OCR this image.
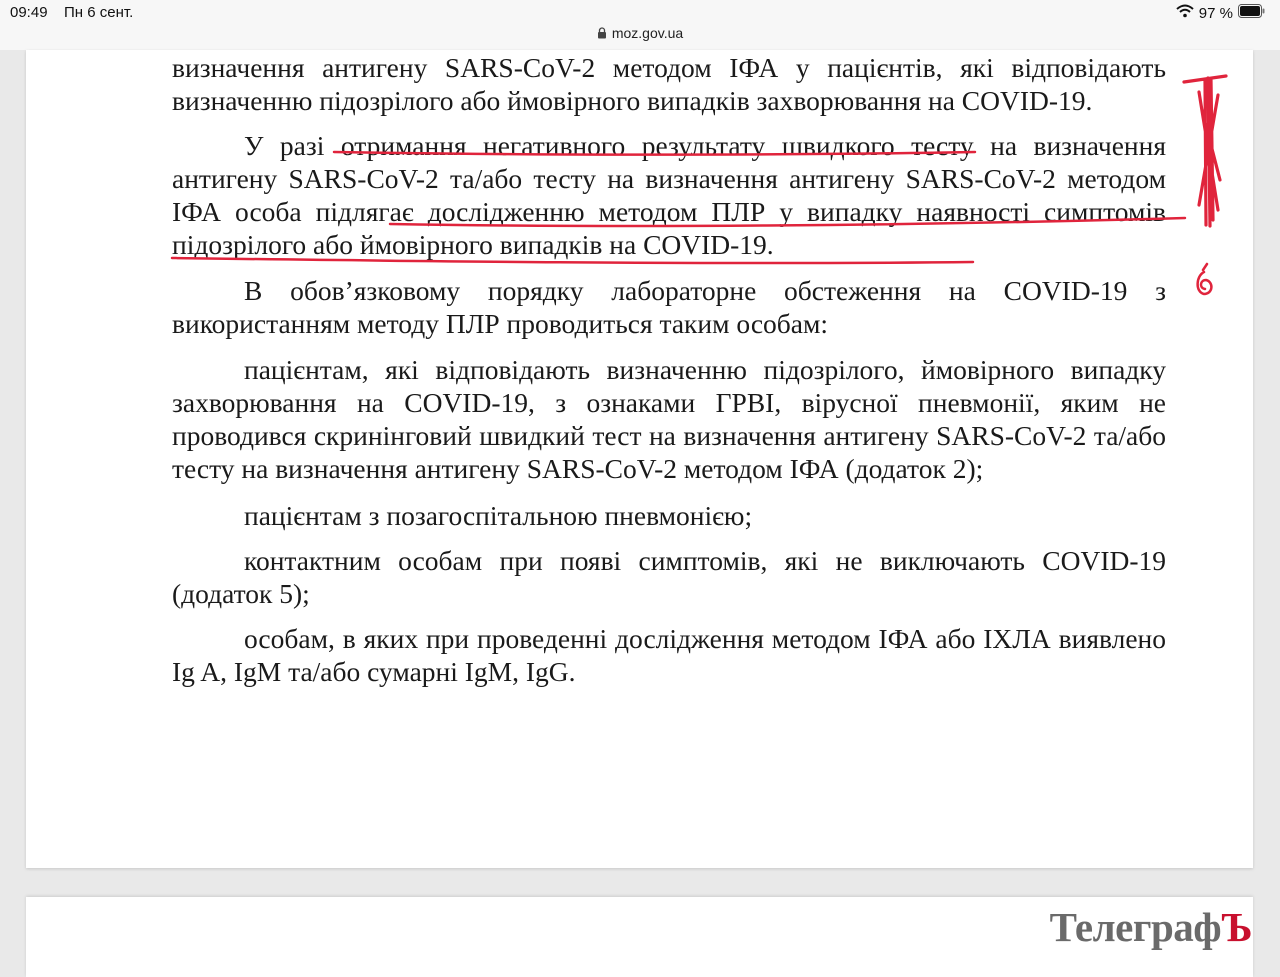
09:49 Пн 6 сент.	97 %
moz.gov.ua

визначення антигену SARS-CoV-2 методом ІФА у пацієнтів, які відповідають визначенню підозрілого або ймовірного випадків захворювання на COVID-19.

У разі отримання негативного результату швидкого тесту на визначення антигену SARS-CoV-2 та/або тесту на визначення антигену SARS-CoV-2 методом ІФА особа підлягає дослідженню методом ПЛР у випадку наявності симптомів підозрілого або ймовірного випадків на COVID-19.

В обов’язковому порядку лабораторне обстеження на COVID-19 з використанням методу ПЛР проводиться таким особам:

пацієнтам, які відповідають визначенню підозрілого, ймовірного випадку захворювання на COVID-19, з ознаками ГРВІ, вірусної пневмонії, яким не проводився скринінговий швидкий тест на визначення антигену SARS-CoV-2 та/або тесту на визначення антигену SARS-CoV-2 методом ІФА (додаток 2);

пацієнтам з позагоспітальною пневмонією;

контактним особам при появі симптомів, які не виключають COVID-19 (додаток 5);

особам, в яких при проведенні дослідження методом ІФА або ІХЛА виявлено Ig A, IgM та/або сумарні IgM, IgG.

ТелеграфЪ
